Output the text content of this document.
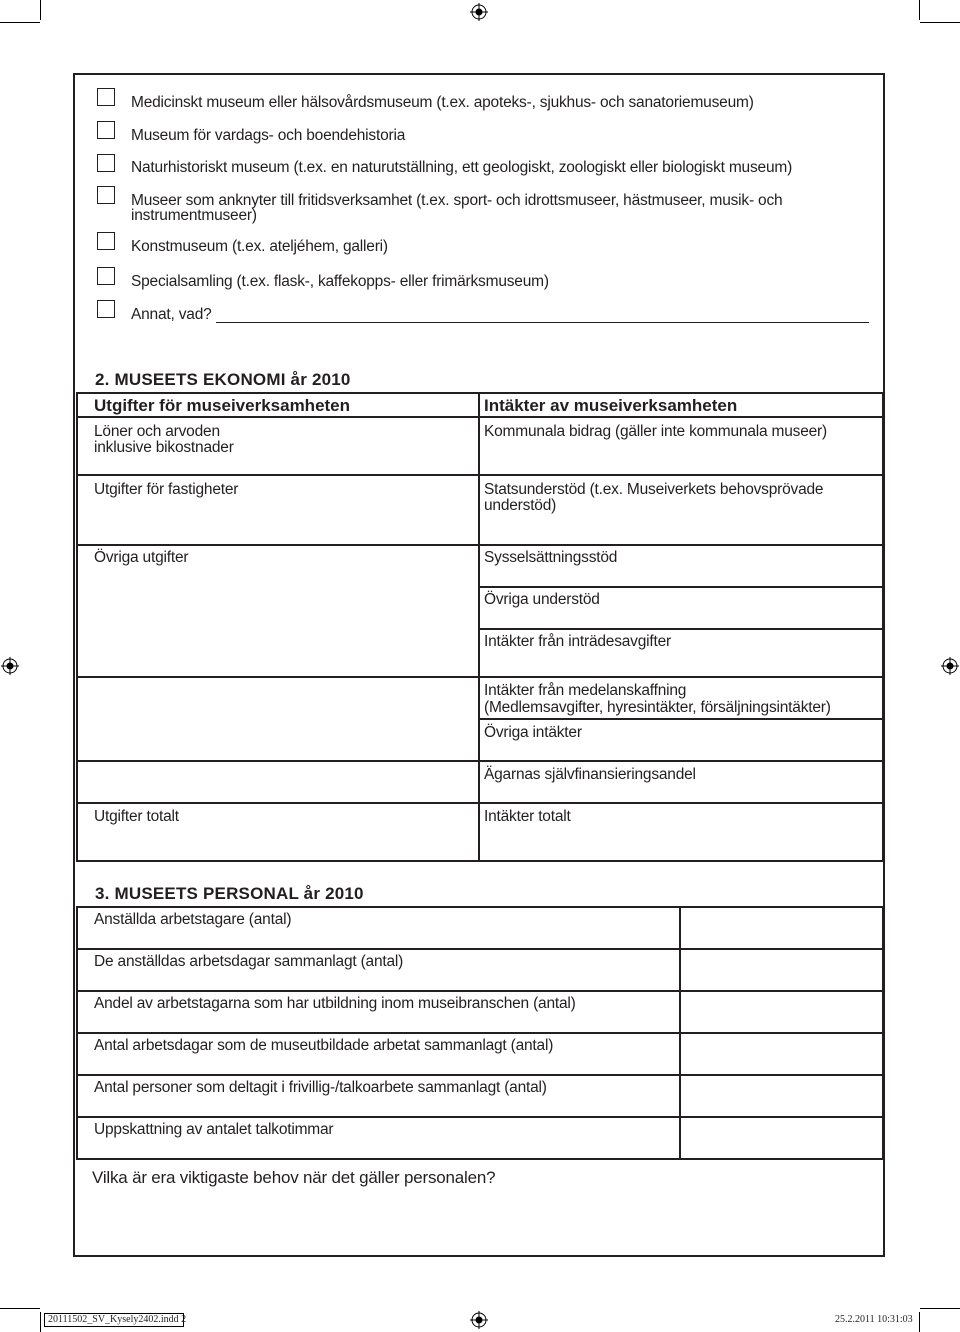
Medicinskt museum eller hälsovårdsmuseum (t.ex. apoteks-, sjukhus- och sanatoriemuseum)
Museum för vardags- och boendehistoria
Naturhistoriskt museum (t.ex. en naturutställning, ett geologiskt, zoologiskt eller biologiskt museum)
Museer som anknyter till fritidsverksamhet (t.ex. sport- och idrottsmuseer, hästmuseer, musik- och
instrumentmuseer)
Konstmuseum (t.ex. ateljéhem, galleri)
Specialsamling (t.ex. flask-, kaffekopps- eller frimärksmuseum)
Annat, vad?
2. MUSEETS EKONOMI år 2010
Utgifter för museiverksamheten	Intäkter av museiverksamheten
Löner och arvoden
inklusive bikostnader
Utgifter för fastigheter
Övriga utgifter
Utgifter totalt
Kommunala bidrag (gäller inte kommunala museer)
Statsunderstöd (t.ex. Museiverkets behovsprövade
understöd)
Sysselsättningsstöd
Övriga understöd
Intäkter från inträdesavgifter
Intäkter från medelanskaffning
(Medlemsavgifter, hyresintäkter, försäljningsintäkter)
Övriga intäkter
Ägarnas självfinansieringsandel
Intäkter totalt
3. MUSEETS PERSONAL år 2010
Anställda arbetstagare (antal)
De anställdas arbetsdagar sammanlagt (antal)
Andel av arbetstagarna som har utbildning inom museibranschen (antal)
Antal arbetsdagar som de museutbildade arbetat sammanlagt (antal)
Antal personer som deltagit i frivillig-/talkoarbete sammanlagt (antal)
Uppskattning av antalet talkotimmar
Vilka är era viktigaste behov när det gäller personalen?
20111502_SV_Kysely2402.indd 2	25.2.2011 10:31:03
